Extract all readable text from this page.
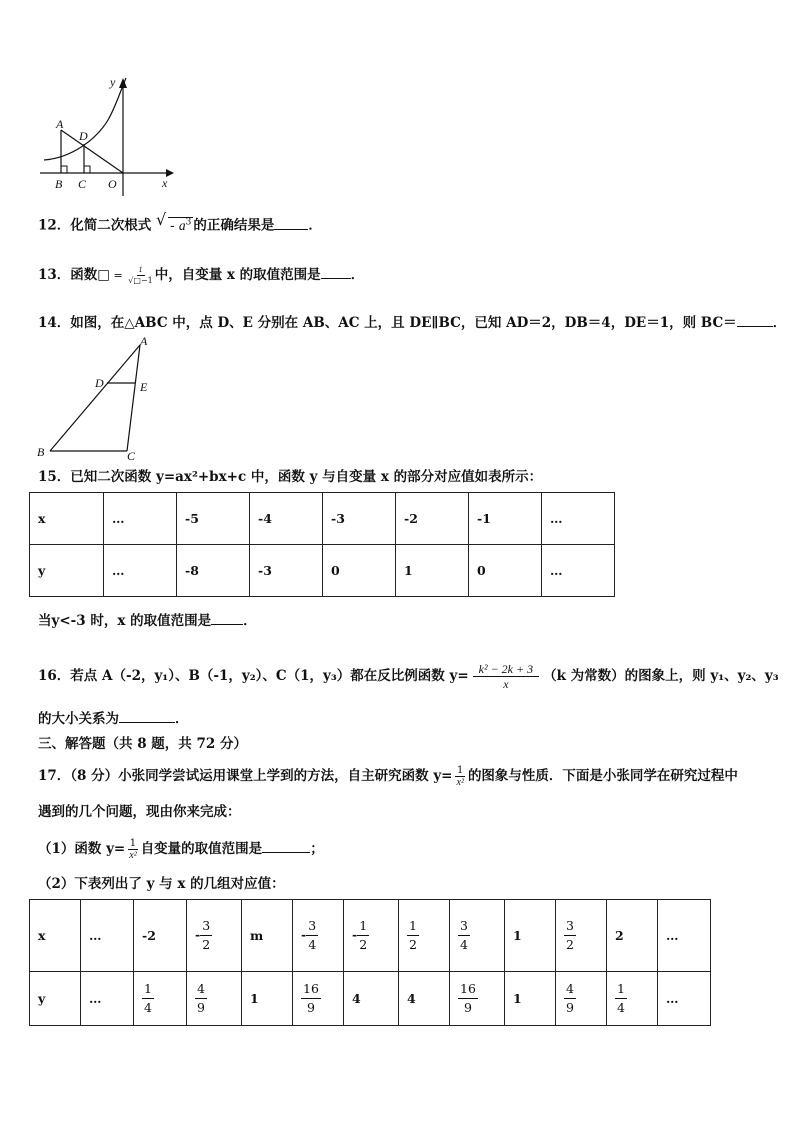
y
x
A
D
B C O
12．化简二次根式 √ - $a^3$ 的正确结果是	．
13．函数□ = $\frac{1}{√□-1}$ 中，自变量 x 的取值范围是 ．
14．如图，在△ABC 中，点 D、E 分别在 AB、AC 上，且 DE∥BC，已知 AD＝2，DB＝4，DE＝1，则 BC＝	．
A
D	E
B	C
15．已知二次函数 y=ax²+bx+c 中，函数 y 与自变量 x 的部分对应值如表所示：
x	…	-5	-4	-3	-2	-1	…
y	…	-8	-3	0	1	0	…
当y<-3 时，x 的取值范围是 ．
16．若点 A（-2，y₁）、B（-1，y₂）、C（1，y₃）都在反比例函数 $y= \frac{\text{k² − 2k + 3}}{x} (k$ 为常数）的图象上，则 y₁、y₂、y₃
的大小关系为	．
三、解答题（共 8 题，共 72 分）
17．（8 分）小张同学尝试运用课堂上学到的方法，自主研究函数 $y= \frac{1}{\text{x²}}$ 的图象与性质．下面是小张同学在研究过程中
遇到的几个问题，现由你来完成：
（1）函数 $y= \frac{1}{\text{x²}}$ 自变量的取值范围是	；
（2）下表列出了 y 与 x 的几组对应值：
x	…	-2	- $\frac{3}{2}$	m	- $\frac{3}{4}$	- $\frac{1}{2}$	$\frac{1}{2}$	$\frac{3}{4}$	1	$\frac{3}{2}$	2	…
y	…	$\frac{1}{4}$	$\frac{4}{9}$	1	$\frac{16}{9}$	4	4	$\frac{16}{9}$	1	$\frac{4}{9}$	$\frac{1}{4}$	…
